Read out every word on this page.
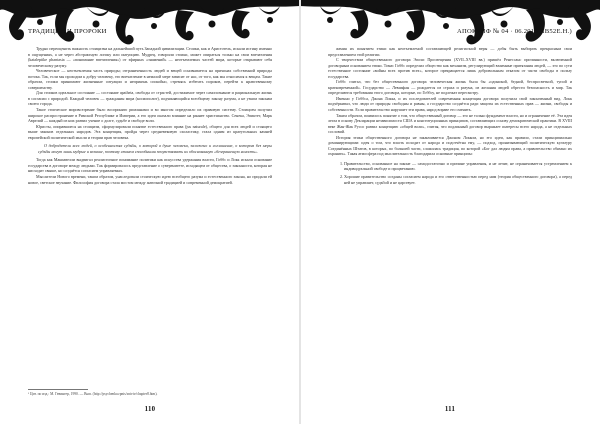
ТРАДИЦИИ И ПРОРОКИ

Трудно переоценить важность стоицизма на дальнейший путь Западной цивилизации. Стоики, как и Аристотель, искали истину именно в ощущениях, а не через абстрактную логику или интуицию. Мудрец, говорили стоики, может опираться только на свои впечатления (kataleptike phantasia — «понимание впечатления») от эфирных «знамений» — неотъемлемых частей мира, которые открывают себя человеческому разуму.

Человеческое — неотъемлемая часть природы; отграниченность людей и вещей основывается на причинах собственной природы потока. Так, если мы проходим к добру человеку, это впечатление в немалой мере зависит от нас, от того, как мы относимся к вещам. Такие образом, стоики принимают жизненные ситуации и неприязнь спокойно, стремясь избегать пороков, перейти к нравственному совершенству.

Для стоиков идеальное состояние — состояние apatheia, свободы от страстей, достижимое через самопознание и рациональную жизнь в согласии с природой. Каждый человек — гражданин мира (космополит), подчиняющийся всеобщему закону разума, а не узким законам своего города.

Такое стоическое мировоззрение было воспринято римлянами и во многом определило их правовую систему. Стоицизм получил широкое распространение в Римской Республике и Империи, а его идеи оказали влияние на раннее христианство. Сенека, Эпиктет, Марк Аврелий — каждый из них развил учение о долге, судьбе и свободе воли.

Юристы, опиравшиеся на стоицизм, сформулировали понятие естественного права (jus naturale), общего для всех людей и стоящего выше законов отдельных народов. Эта концепция, пройдя через средневековую схоластику, стала одним из краеугольных камней европейской политической мысли и теории прав человека.

О добродетели всех людей, о особенностях судьбы, о которой в душе человека, заложено и соглашение, о котором без меры судьбы могут лишь мудрые и великие, поэтому станем способными почувствовать их обоснованную «безграничную ясность».

Тогда как Макиавелли выдвигал реалистичное понимание политики как искусства удержания власти, Гоббс и Локк искали основание государства в договоре между людьми. Так формировалось представление о суверенитете, исходящем от общества, о законности, которая не нисходит свыше, но создаётся согласием управляемых.

Мыслители Нового времени, таким образом, унаследовали стоическую идею всеобщего разума и естественного закона, но придали ей новое, светское звучание. Философия договора стала мостом между античной традицией и современной демократией.

¹ Цит. по изд.: М. Гевингер, 1990. — Вып. (http://psychenka.rpnis/sniviv/chapter8.htm).
110
АПОКРИФ № 04 · 06.2016 (IB52E.H.)

жения их понятием этики как неотъемлемой составляющей религиозной веры — добы быть выбирать прекрасным свои представлением этой религии.

С творчеством общественного договора Эпохи Просвещения (XVII–XVIII вв.) пришёл Ренессанс причинности, включенной договорным основанием этики. Томас Гоббс определил общество как механизм, регулирующий взаимные притязания людей, — это по сути естественное состояние «войны всех против всех», которое прекращается лишь добровольным отказом от части свободы в пользу государства.

Гоббс считал, что без общественного договора человеческая жизнь была бы «одинокой, бедной, беспросветной, тупой и кратковременной». Государство — Левиафан — рождается из страха и разума, из желания людей обрести безопасность и мир. Так определяются требования этого договора, которые, по Гоббсу, не подлежат пересмотру.

Именно у Гоббса, Джона Локка, и их последователей современная концепция договора получила свой законченный вид. Локк подчёркивал, что люди от природы свободны и равны, а государство создаётся ради защиты их естественных прав — жизни, свободы и собственности. Если правительство нарушает эти права, народ вправе его сменить.

Таким образом, появилось понятие о том, что общественный договор — это не только фундамент власти, но и ограничение её. Эта идея легла в основу Декларации независимости США и конституционных принципов, составляющих основу демократической практики. В XVIII веке Жан-Жак Руссо развил концепцию «общей воли», считая, что подлинный договор выражает интересы всего народа, а не отдельных сословий.

История этики общественного договора не заканчивается Джоном Локком, но его идеи, как правило, стали принципиально доминирующими: идея о том, что власть исходит от народа и подотчётна ему, — подход, пронизывающий политическую культуру Соединённых Штатов, в которых, по большей части, сложилась традиция, по которой «Бог дал людям права, а правительство обязано их охранять». Такая атмосфера под мыслительность благодарила основные принципы:

1. Правительство, основанное на законе — самодостаточно и причине управления, и не лечит, не ограничивается устремлением к индивидуальной свободе и процветанию.
2. Хорошие правительство созданы согласием народа и его ответственностью перед ним (теория общественного договора), а перед ней не управляет, судьбой и не царствует.
111
